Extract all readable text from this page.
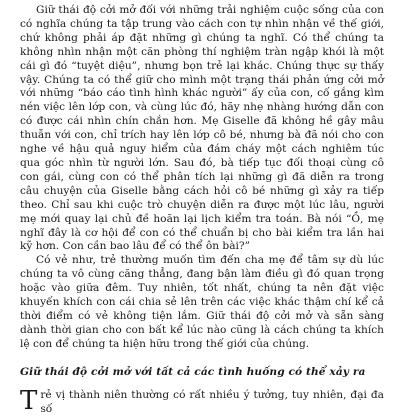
Giữ thái độ cởi mở đối với những trải nghiệm cuộc sống của con có nghĩa chúng ta tập trung vào cách con tự nhìn nhận về thế giới, chứ không phải áp đặt những gì chúng ta nghĩ. Có thể chúng ta không nhìn nhận một căn phòng thí nghiệm tràn ngập khói là một cái gì đó “tuyệt diệu”, nhưng bọn trẻ lại khác. Chúng thực sự thấy vậy. Chúng ta có thể giữ cho mình một trạng thái phản ứng cởi mở với những “báo cáo tình hình khác người” ấy của con, cố gắng kìm nén việc lên lớp con, và cùng lúc đó, hãy nhẹ nhàng hướng dẫn con có được cái nhìn chín chắn hơn. Mẹ Giselle đã không hề gây mâu thuẫn với con, chỉ trích hay lên lớp cô bé, nhưng bà đã nói cho con nghe về hậu quả nguy hiểm của đám cháy một cách nghiêm túc qua góc nhìn từ người lớn. Sau đó, bà tiếp tục đối thoại cùng cô con gái, cùng con có thể phân tích lại những gì đã diễn ra trong câu chuyện của Giselle bằng cách hỏi cô bé những gì xảy ra tiếp theo. Chỉ sau khi cuộc trò chuyện diễn ra được một lúc lâu, người mẹ mới quay lại chủ đề hoãn lại lịch kiểm tra toán. Bà nói “Ồ, mẹ nghĩ đây là cơ hội để con có thể chuẩn bị cho bài kiểm tra lần hai kỹ hơn. Con cần bao lâu để có thể ôn bài?”

Có vẻ như, trẻ thường muốn tìm đến cha mẹ để tâm sự dù lúc chúng ta vô cùng căng thẳng, đang bận làm điều gì đó quan trọng hoặc vào giữa đêm. Tuy nhiên, tốt nhất, chúng ta nên đặt việc khuyến khích con cái chia sẻ lên trên các việc khác thậm chí kể cả thời điểm có vẻ không tiện lắm. Giữ thái độ cởi mở và sẵn sàng dành thời gian cho con bất kể lúc nào cũng là cách chúng ta khích lệ con để chúng ta hiện hữu trong thế giới của chúng.

Giữ thái độ cởi mở với tất cả các tình huống có thể xảy ra

Trẻ vị thành niên thường có rất nhiều ý tưởng, tuy nhiên, đại đa số
